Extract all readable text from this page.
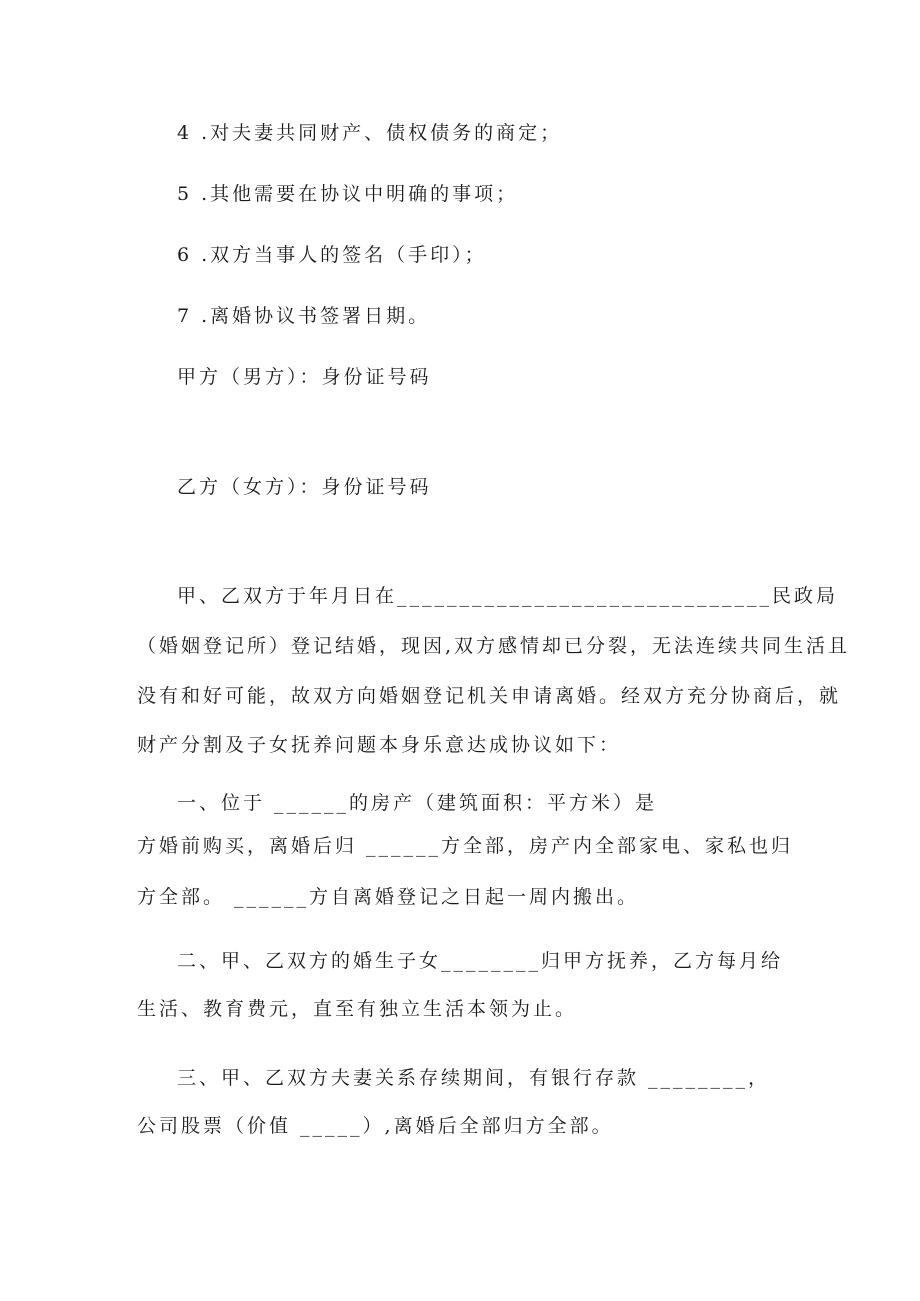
4 .对夫妻共同财产、债权债务的商定；
5 .其他需要在协议中明确的事项；
6 .双方当事人的签名（手印）；
7 .离婚协议书签署日期。
甲方（男方）：身份证号码
乙方（女方）：身份证号码
甲、乙双方于年月日在______________________________民政局
（婚姻登记所）登记结婚，现因,双方感情却已分裂，无法连续共同生活且
没有和好可能，故双方向婚姻登记机关申请离婚。经双方充分协商后，就
财产分割及子女抚养问题本身乐意达成协议如下：
一、位于 ______的房产（建筑面积：平方米）是
方婚前购买，离婚后归 ______方全部，房产内全部家电、家私也归
方全部。 ______方自离婚登记之日起一周内搬出。
二、甲、乙双方的婚生子女________归甲方抚养，乙方每月给
生活、教育费元，直至有独立生活本领为止。
三、甲、乙双方夫妻关系存续期间，有银行存款 ________，
公司股票（价值 _____）,离婚后全部归方全部。
